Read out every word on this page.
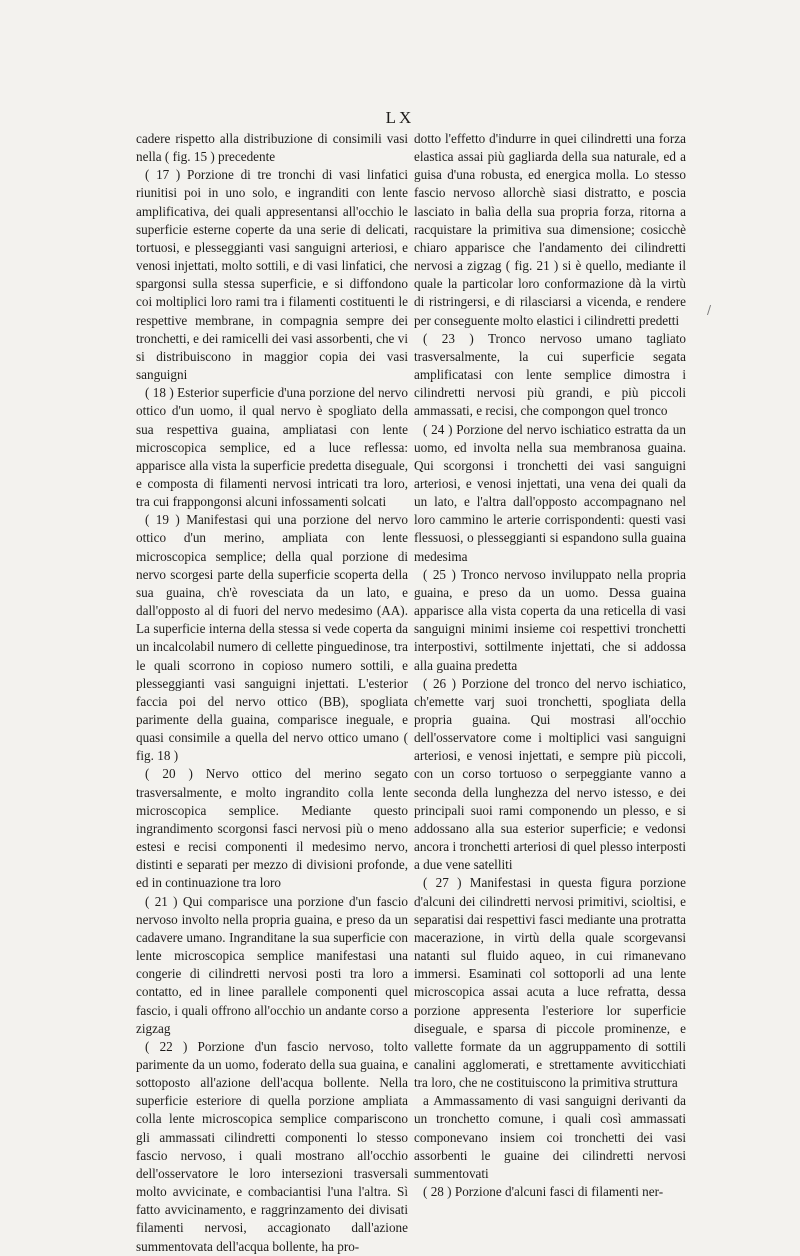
LX

cadere rispetto alla distribuzione di consimili vasi nella ( fig. 15 ) precedente

( 17 ) Porzione di tre tronchi di vasi linfatici riunitisi poi in uno solo, e ingranditi con lente amplificativa, dei quali appresentansi all'occhio le superficie esterne coperte da una serie di delicati, tortuosi, e plesseggianti vasi sanguigni arteriosi, e venosi injettati, molto sottili, e di vasi linfatici, che spargonsi sulla stessa superficie, e si diffondono coi moltiplici loro rami tra i filamenti costituenti le respettive membrane, in compagnia sempre dei tronchetti, e dei ramicelli dei vasi assorbenti, che vi si distribuiscono in maggior copia dei vasi sanguigni

( 18 ) Esterior superficie d'una porzione del nervo ottico d'un uomo, il qual nervo è spogliato della sua respettiva guaina, ampliatasi con lente microscopica semplice, ed a luce reflessa: apparisce alla vista la superficie predetta diseguale, e composta di filamenti nervosi intricati tra loro, tra cui frappongonsi alcuni infossamenti solcati

( 19 ) Manifestasi qui una porzione del nervo ottico d'un merino, ampliata con lente microscopica semplice; della qual porzione di nervo scorgesi parte della superficie scoperta della sua guaina, ch'è rovesciata da un lato, e dall'opposto al di fuori del nervo medesimo (AA). La superficie interna della stessa si vede coperta da un incalcolabil numero di cellette pinguedinose, tra le quali scorrono in copioso numero sottili, e plesseggianti vasi sanguigni injettati. L'esterior faccia poi del nervo ottico (BB), spogliata parimente della guaina, comparisce ineguale, e quasi consimile a quella del nervo ottico umano ( fig. 18 )

( 20 ) Nervo ottico del merino segato trasversalmente, e molto ingrandito colla lente microscopica semplice. Mediante questo ingrandimento scorgonsi fasci nervosi più o meno estesi e recisi componenti il medesimo nervo, distinti e separati per mezzo di divisioni profonde, ed in continuazione tra loro

( 21 ) Qui comparisce una porzione d'un fascio nervoso involto nella propria guaina, e preso da un cadavere umano. Ingranditane la sua superficie con lente microscopica semplice manifestasi una congerie di cilindretti nervosi posti tra loro a contatto, ed in linee parallele componenti quel fascio, i quali offrono all'occhio un andante corso a zigzag

( 22 ) Porzione d'un fascio nervoso, tolto parimente da un uomo, foderato della sua guaina, e sottoposto all'azione dell'acqua bollente. Nella superficie esteriore di quella porzione ampliata colla lente microscopica semplice compariscono gli ammassati cilindretti componenti lo stesso fascio nervoso, i quali mostrano all'occhio dell'osservatore le loro intersezioni trasversali molto avvicinate, e combaciantisi l'una l'altra. Sì fatto avvicinamento, e raggrinzamento dei divisati filamenti nervosi, accagionato dall'azione summentovata dell'acqua bollente, ha pro-

dotto l'effetto d'indurre in quei cilindretti una forza elastica assai più gagliarda della sua naturale, ed a guisa d'una robusta, ed energica molla. Lo stesso fascio nervoso allorchè siasi distratto, e poscia lasciato in balìa della sua propria forza, ritorna a racquistare la primitiva sua dimensione; cosicchè chiaro apparisce che l'andamento dei cilindretti nervosi a zigzag ( fig. 21 ) si è quello, mediante il quale la particolar loro conformazione dà la virtù di ristringersi, e di rilasciarsi a vicenda, e rendere per conseguente molto elastici i cilindretti predetti

( 23 ) Tronco nervoso umano tagliato trasversalmente, la cui superficie segata amplificatasi con lente semplice dimostra i cilindretti nervosi più grandi, e più piccoli ammassati, e recisi, che compongon quel tronco

( 24 ) Porzione del nervo ischiatico estratta da un uomo, ed involta nella sua membranosa guaina. Qui scorgonsi i tronchetti dei vasi sanguigni arteriosi, e venosi injettati, una vena dei quali da un lato, e l'altra dall'opposto accompagnano nel loro cammino le arterie corrispondenti: questi vasi flessuosi, o plesseggianti si espandono sulla guaina medesima

( 25 ) Tronco nervoso inviluppato nella propria guaina, e preso da un uomo. Dessa guaina apparisce alla vista coperta da una reticella di vasi sanguigni minimi insieme coi respettivi tronchetti interpostivi, sottilmente injettati, che si addossa alla guaina predetta

( 26 ) Porzione del tronco del nervo ischiatico, ch'emette varj suoi tronchetti, spogliata della propria guaina. Qui mostrasi all'occhio dell'osservatore come i moltiplici vasi sanguigni arteriosi, e venosi injettati, e sempre più piccoli, con un corso tortuoso o serpeggiante vanno a seconda della lunghezza del nervo istesso, e dei principali suoi rami componendo un plesso, e si addossano alla sua esterior superficie; e vedonsi ancora i tronchetti arteriosi di quel plesso interposti a due vene satelliti

( 27 ) Manifestasi in questa figura porzione d'alcuni dei cilindretti nervosi primitivi, scioltisi, e separatisi dai respettivi fasci mediante una protratta macerazione, in virtù della quale scorgevansi natanti sul fluido aqueo, in cui rimanevano immersi. Esaminati col sottoporli ad una lente microscopica assai acuta a luce refratta, dessa porzione appresenta l'esteriore lor superficie diseguale, e sparsa di piccole prominenze, e vallette formate da un aggruppamento di sottili canalini agglomerati, e strettamente avviticchiati tra loro, che ne costituiscono la primitiva struttura

a Ammassamento di vasi sanguigni derivanti da un tronchetto comune, i quali così ammassati componevano insiem coi tronchetti dei vasi assorbenti le guaine dei cilindretti nervosi summentovati

( 28 ) Porzione d'alcuni fasci di filamenti ner-

/
